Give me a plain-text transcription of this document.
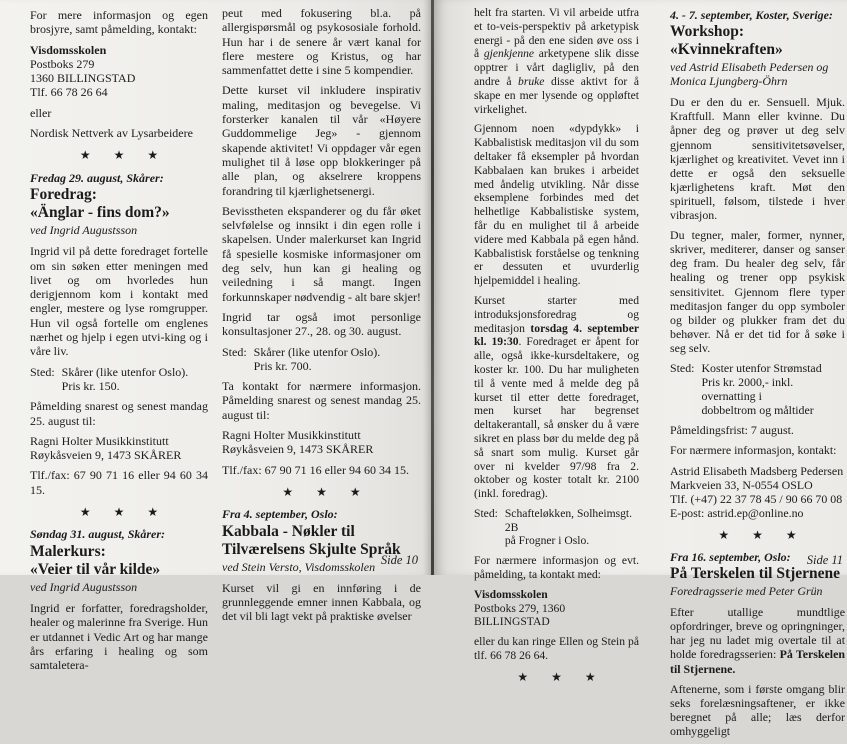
For mere informasjon og egen brosjyre, samt påmelding, kontakt:

Visdomsskolen
Postboks 279
1360 BILLINGSTAD
Tlf. 66 78 26 64

eller

Nordisk Nettverk av Lysarbeidere

★ ★ ★
Fredag 29. august, Skårer:
Foredrag:
«Änglar - fins dom?»
ved Ingrid Augustsson

Ingrid vil på dette foredraget fortelle om sin søken etter meningen med livet og om hvorledes hun derigjennom kom i kontakt med engler, mestere og lyse romgrupper. Hun vil også fortelle om englenes nærhet og hjelp i egen utvi-king og i våre liv.

Sted: Skårer (like utenfor Oslo).
Pris kr. 150.

Påmelding snarest og senest mandag 25. august til:

Ragni Holter Musikkinstitutt
Røykåsveien 9, 1473 SKÅRER

Tlf./fax: 67 90 71 16 eller 94 60 34 15.

★ ★ ★
Søndag 31. august, Skårer:
Malerkurs:
«Veier til vår kilde»
ved Ingrid Augustsson

Ingrid er forfatter, foredragsholder, healer og malerinne fra Sverige. Hun er utdannet i Vedic Art og har mange års erfaring i healing og som samtaletera-

peut med fokusering bl.a. på allergispørsmål og psykososiale forhold. Hun har i de senere år vært kanal for flere mestere og Kristus, og har sammenfattet dette i sine 5 kompendier.

Dette kurset vil inkludere inspirativ maling, meditasjon og bevegelse. Vi forsterker kanalen til vår «Høyere Guddommelige Jeg» - gjennom skapende aktivitet! Vi oppdager vår egen mulighet til å løse opp blokkeringer på alle plan, og akselrere kroppens forandring til kjærlighetsenergi.

Bevisstheten ekspanderer og du får øket selvfølelse og innsikt i din egen rolle i skapelsen. Under malerkurset kan Ingrid få spesielle kosmiske informasjoner om deg selv, hun kan gi healing og veiledning i så mangt. Ingen forkunnskaper nødvendig - alt bare skjer!

Ingrid tar også imot personlige konsultasjoner 27., 28. og 30. august.

Sted: Skårer (like utenfor Oslo).
Pris kr. 700.

Ta kontakt for nærmere informasjon. Påmelding snarest og senest mandag 25. august til:

Ragni Holter Musikkinstitutt
Røykåsveien 9, 1473 SKÅRER

Tlf./fax: 67 90 71 16 eller 94 60 34 15.

★ ★ ★
Fra 4. september, Oslo:
Kabbala - Nøkler til
Tilværelsens Skjulte Språk
ved Stein Versto, Visdomsskolen

Kurset vil gi en innføring i de grunnleggende emner innen Kabbala, og det vil bli lagt vekt på praktiske øvelser

Side 10

helt fra starten. Vi vil arbeide utfra et to-veis-perspektiv på arketypisk energi - på den ene siden øve oss i å gjenkjenne arketypene slik disse opptrer i vårt dagligliv, på den andre å bruke disse aktivt for å skape en mer lysende og oppløftet virkelighet.

Gjennom noen «dypdykk» i Kabbalistisk meditasjon vil du som deltaker få eksempler på hvordan Kabbalaen kan brukes i arbeidet med åndelig utvikling. Når disse eksemplene forbindes med det helhetlige Kabbalistiske system, får du en mulighet til å arbeide videre med Kabbala på egen hånd. Kabbalistisk forståelse og tenkning er dessuten et uvurderlig hjelpemiddel i healing.

Kurset starter med introduksjonsforedrag og meditasjon torsdag 4. september kl. 19:30. Foredraget er åpent for alle, også ikke-kursdeltakere, og koster kr. 100. Du har muligheten til å vente med å melde deg på kurset til etter dette foredraget, men kurset har begrenset deltakerantall, så ønsker du å være sikret en plass bør du melde deg på så snart som mulig. Kurset går over ni kvelder 97/98 fra 2. oktober og koster totalt kr. 2100 (inkl. foredrag).

Sted: Schafteløkken, Solheimsgt. 2B
på Frogner i Oslo.

For nærmere informasjon og evt. påmelding, ta kontakt med:

Visdomsskolen
Postboks 279, 1360 BILLINGSTAD

eller du kan ringe Ellen og Stein på tlf. 66 78 26 64.

★ ★ ★
4. - 7. september, Koster, Sverige:
Workshop: «Kvinnekraften»
ved Astrid Elisabeth Pedersen og
Monica Ljungberg-Öhrn

Du er den du er. Sensuell. Mjuk. Kraftfull. Mann eller kvinne. Du åpner deg og prøver ut deg selv gjennom sensitivitetsøvelser, kjærlighet og kreativitet. Vevet inn i dette er også den seksuelle kjærlighetens kraft. Møt den spirituell, følsom, tilstede i hver vibrasjon.

Du tegner, maler, former, nynner, skriver, mediterer, danser og sanser deg fram. Du healer deg selv, får healing og trener opp psykisk sensitivitet. Gjennom flere typer meditasjon fanger du opp symboler og bilder og plukker fram det du behøver. Nå er det tid for å søke i seg selv.

Sted: Koster utenfor Strømstad
Pris kr. 2000,- inkl. overnatting i
dobbeltrom og måltider

Påmeldingsfrist: 7 august.

For nærmere informasjon, kontakt:

Astrid Elisabeth Madsberg Pedersen
Markveien 33, N-0554 OSLO
Tlf. (+47) 22 37 78 45 / 90 66 70 08
E-post: astrid.ep@online.no
★ ★ ★
Fra 16. september, Oslo:
På Terskelen til Stjernene
Foredragsserie med Peter Grün

Efter utallige mundtlige opfordringer, breve og opringninger, har jeg nu ladet mig overtale til at holde foredragsserien: På Terskelen til Stjernene.

Aftenerne, som i første omgang blir seks forelæsningsaftener, er ikke beregnet på alle; læs derfor omhyggeligt

Side 11
